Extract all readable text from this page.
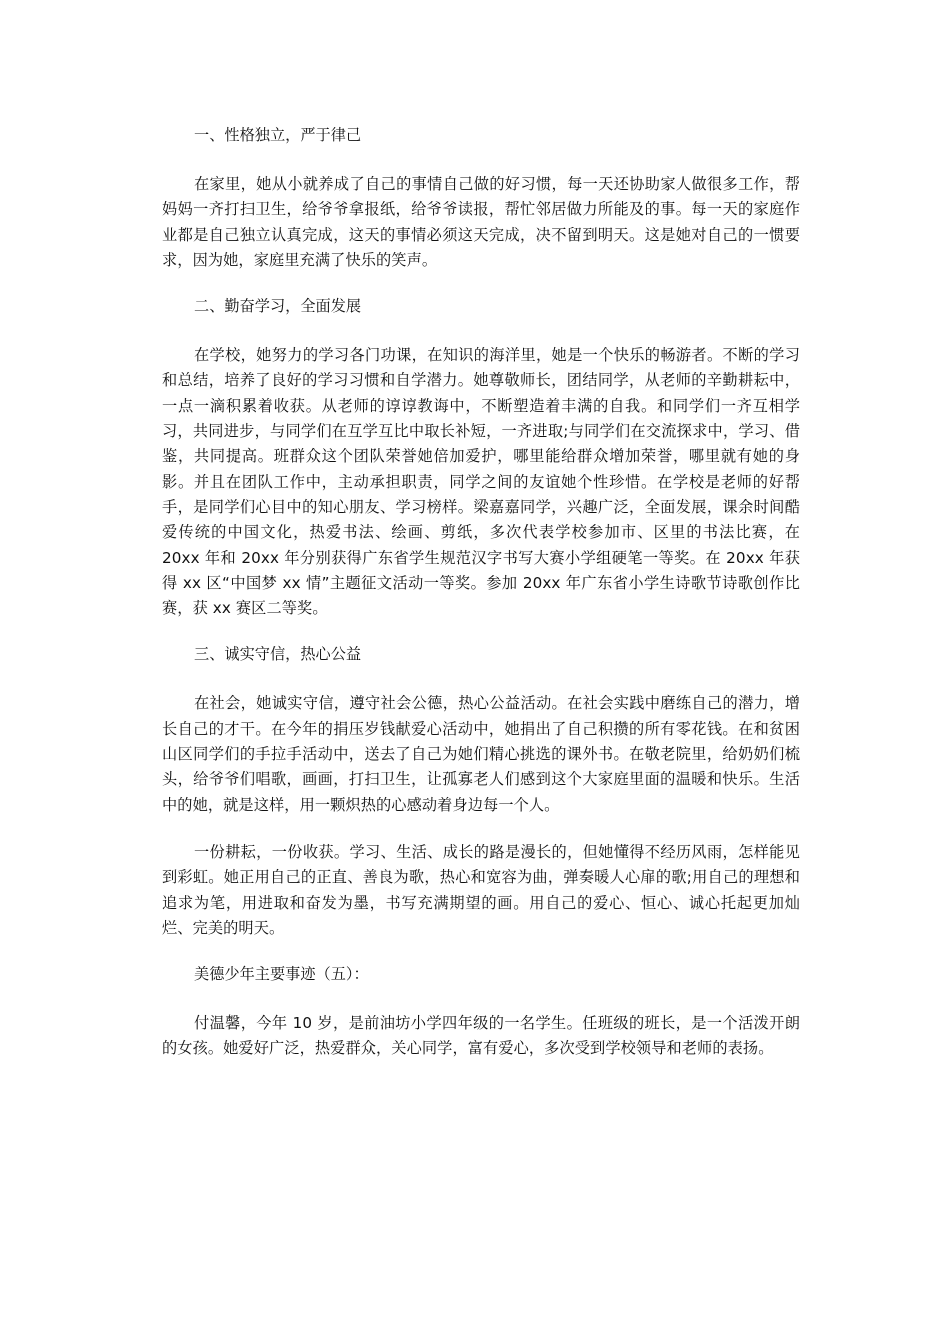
一、性格独立，严于律己

在家里，她从小就养成了自己的事情自己做的好习惯，每一天还协助家人做很多工作，帮妈妈一齐打扫卫生，给爷爷拿报纸，给爷爷读报，帮忙邻居做力所能及的事。每一天的家庭作业都是自己独立认真完成，这天的事情必须这天完成，决不留到明天。这是她对自己的一惯要求，因为她，家庭里充满了快乐的笑声。

二、勤奋学习，全面发展

在学校，她努力的学习各门功课，在知识的海洋里，她是一个快乐的畅游者。不断的学习和总结，培养了良好的学习习惯和自学潜力。她尊敬师长，团结同学，从老师的辛勤耕耘中，一点一滴积累着收获。从老师的谆谆教诲中，不断塑造着丰满的自我。和同学们一齐互相学习，共同进步，与同学们在互学互比中取长补短，一齐进取;与同学们在交流探求中，学习、借鉴，共同提高。班群众这个团队荣誉她倍加爱护，哪里能给群众增加荣誉，哪里就有她的身影。并且在团队工作中，主动承担职责，同学之间的友谊她个性珍惜。在学校是老师的好帮手，是同学们心目中的知心朋友、学习榜样。梁嘉嘉同学，兴趣广泛，全面发展，课余时间酷爱传统的中国文化，热爱书法、绘画、剪纸，多次代表学校参加市、区里的书法比赛，在 20xx 年和 20xx 年分别获得广东省学生规范汉字书写大赛小学组硬笔一等奖。在 20xx 年获得 xx 区“中国梦 xx 情”主题征文活动一等奖。参加 20xx 年广东省小学生诗歌节诗歌创作比赛，获 xx 赛区二等奖。

三、诚实守信，热心公益

在社会，她诚实守信，遵守社会公德，热心公益活动。在社会实践中磨练自己的潜力，增长自己的才干。在今年的捐压岁钱献爱心活动中，她捐出了自己积攒的所有零花钱。在和贫困山区同学们的手拉手活动中，送去了自己为她们精心挑选的课外书。在敬老院里，给奶奶们梳头，给爷爷们唱歌，画画，打扫卫生，让孤寡老人们感到这个大家庭里面的温暖和快乐。生活中的她，就是这样，用一颗炽热的心感动着身边每一个人。

一份耕耘，一份收获。学习、生活、成长的路是漫长的，但她懂得不经历风雨，怎样能见到彩虹。她正用自己的正直、善良为歌，热心和宽容为曲，弹奏暖人心扉的歌;用自己的理想和追求为笔，用进取和奋发为墨，书写充满期望的画。用自己的爱心、恒心、诚心托起更加灿烂、完美的明天。

美德少年主要事迹（五）：

付温馨，今年 10 岁，是前油坊小学四年级的一名学生。任班级的班长，是一个活泼开朗的女孩。她爱好广泛，热爱群众，关心同学，富有爱心，多次受到学校领导和老师的表扬。
